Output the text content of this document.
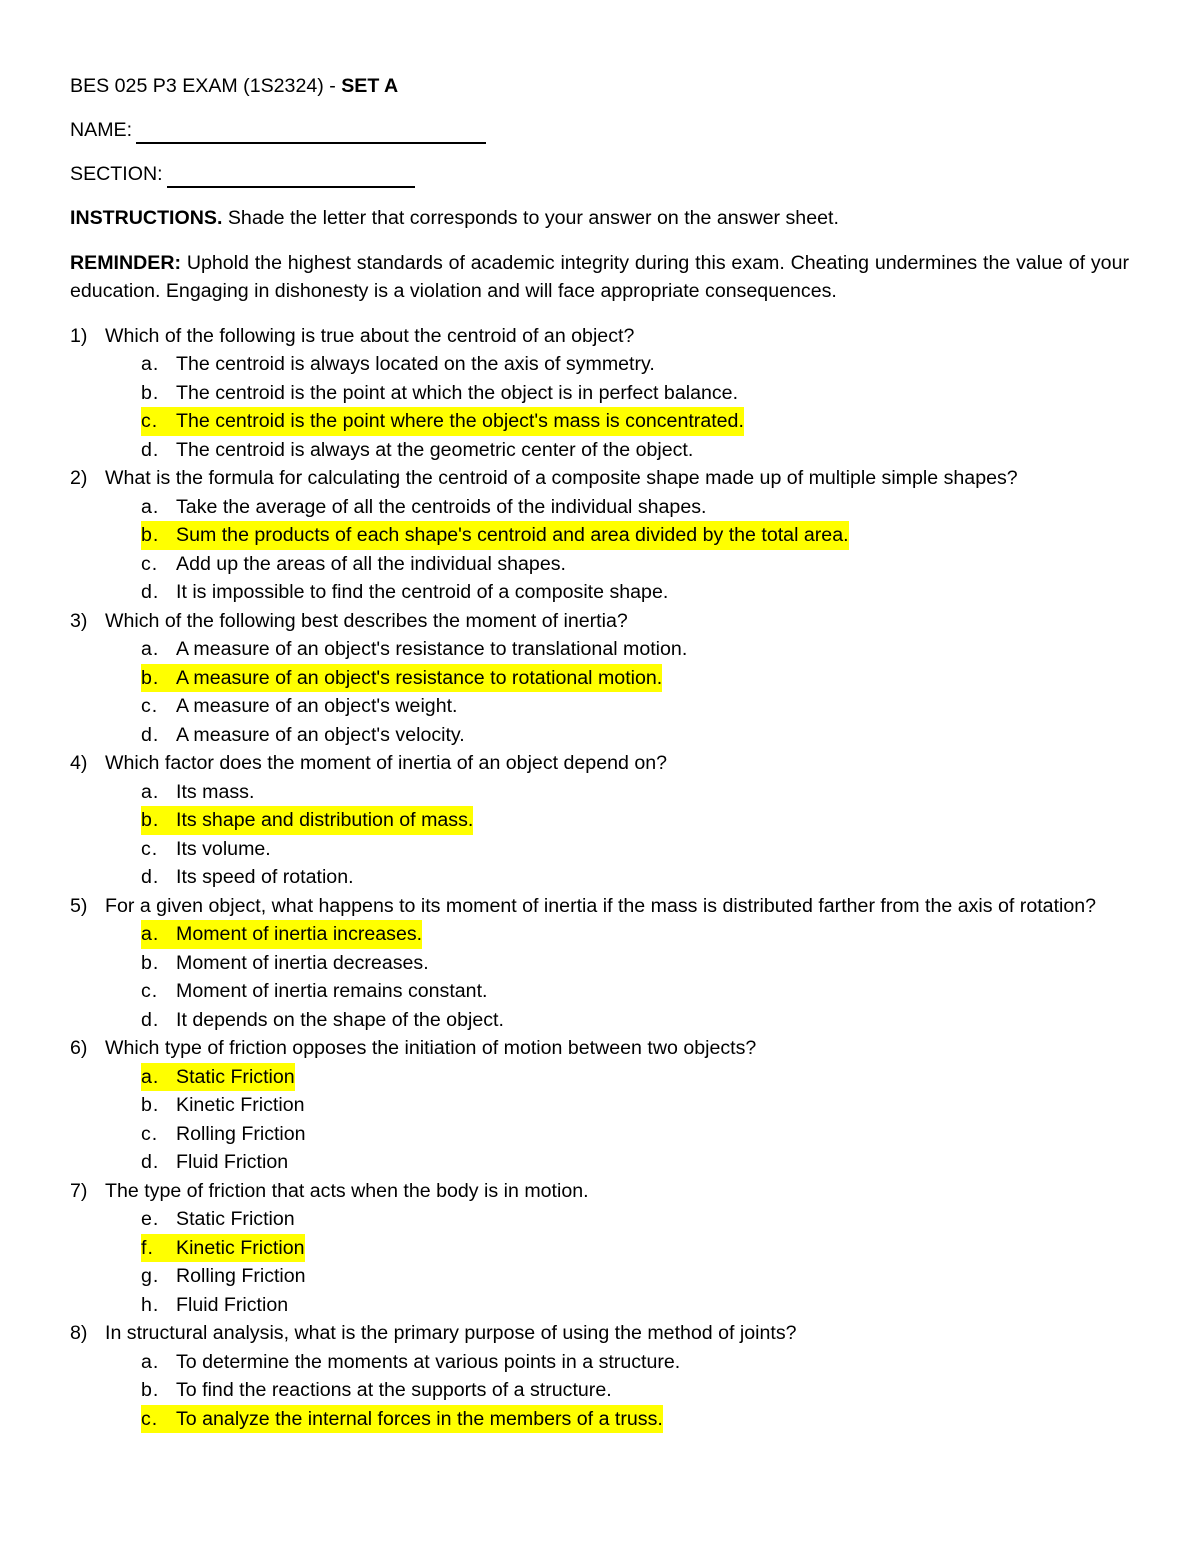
BES 025 P3 EXAM (1S2324) - SET A

NAME:
SECTION:
INSTRUCTIONS. Shade the letter that corresponds to your answer on the answer sheet.
REMINDER: Uphold the highest standards of academic integrity during this exam. Cheating undermines the value of your education. Engaging in dishonesty is a violation and will face appropriate consequences.
1) Which of the following is true about the centroid of an object?
a. The centroid is always located on the axis of symmetry.
b. The centroid is the point at which the object is in perfect balance.
c. The centroid is the point where the object's mass is concentrated.
d. The centroid is always at the geometric center of the object.
2) What is the formula for calculating the centroid of a composite shape made up of multiple simple shapes?
a. Take the average of all the centroids of the individual shapes.
b. Sum the products of each shape's centroid and area divided by the total area.
c. Add up the areas of all the individual shapes.
d. It is impossible to find the centroid of a composite shape.
3) Which of the following best describes the moment of inertia?
a. A measure of an object's resistance to translational motion.
b. A measure of an object's resistance to rotational motion.
c. A measure of an object's weight.
d. A measure of an object's velocity.
4) Which factor does the moment of inertia of an object depend on?
a. Its mass.
b. Its shape and distribution of mass.
c. Its volume.
d. Its speed of rotation.
5) For a given object, what happens to its moment of inertia if the mass is distributed farther from the axis of rotation?
a. Moment of inertia increases.
b. Moment of inertia decreases.
c. Moment of inertia remains constant.
d. It depends on the shape of the object.
6) Which type of friction opposes the initiation of motion between two objects?
a. Static Friction
b. Kinetic Friction
c. Rolling Friction
d. Fluid Friction
7) The type of friction that acts when the body is in motion.
e. Static Friction
f.	Kinetic Friction
g. Rolling Friction
h. Fluid Friction
8) In structural analysis, what is the primary purpose of using the method of joints?
a. To determine the moments at various points in a structure.
b. To find the reactions at the supports of a structure.
c. To analyze the internal forces in the members of a truss.
